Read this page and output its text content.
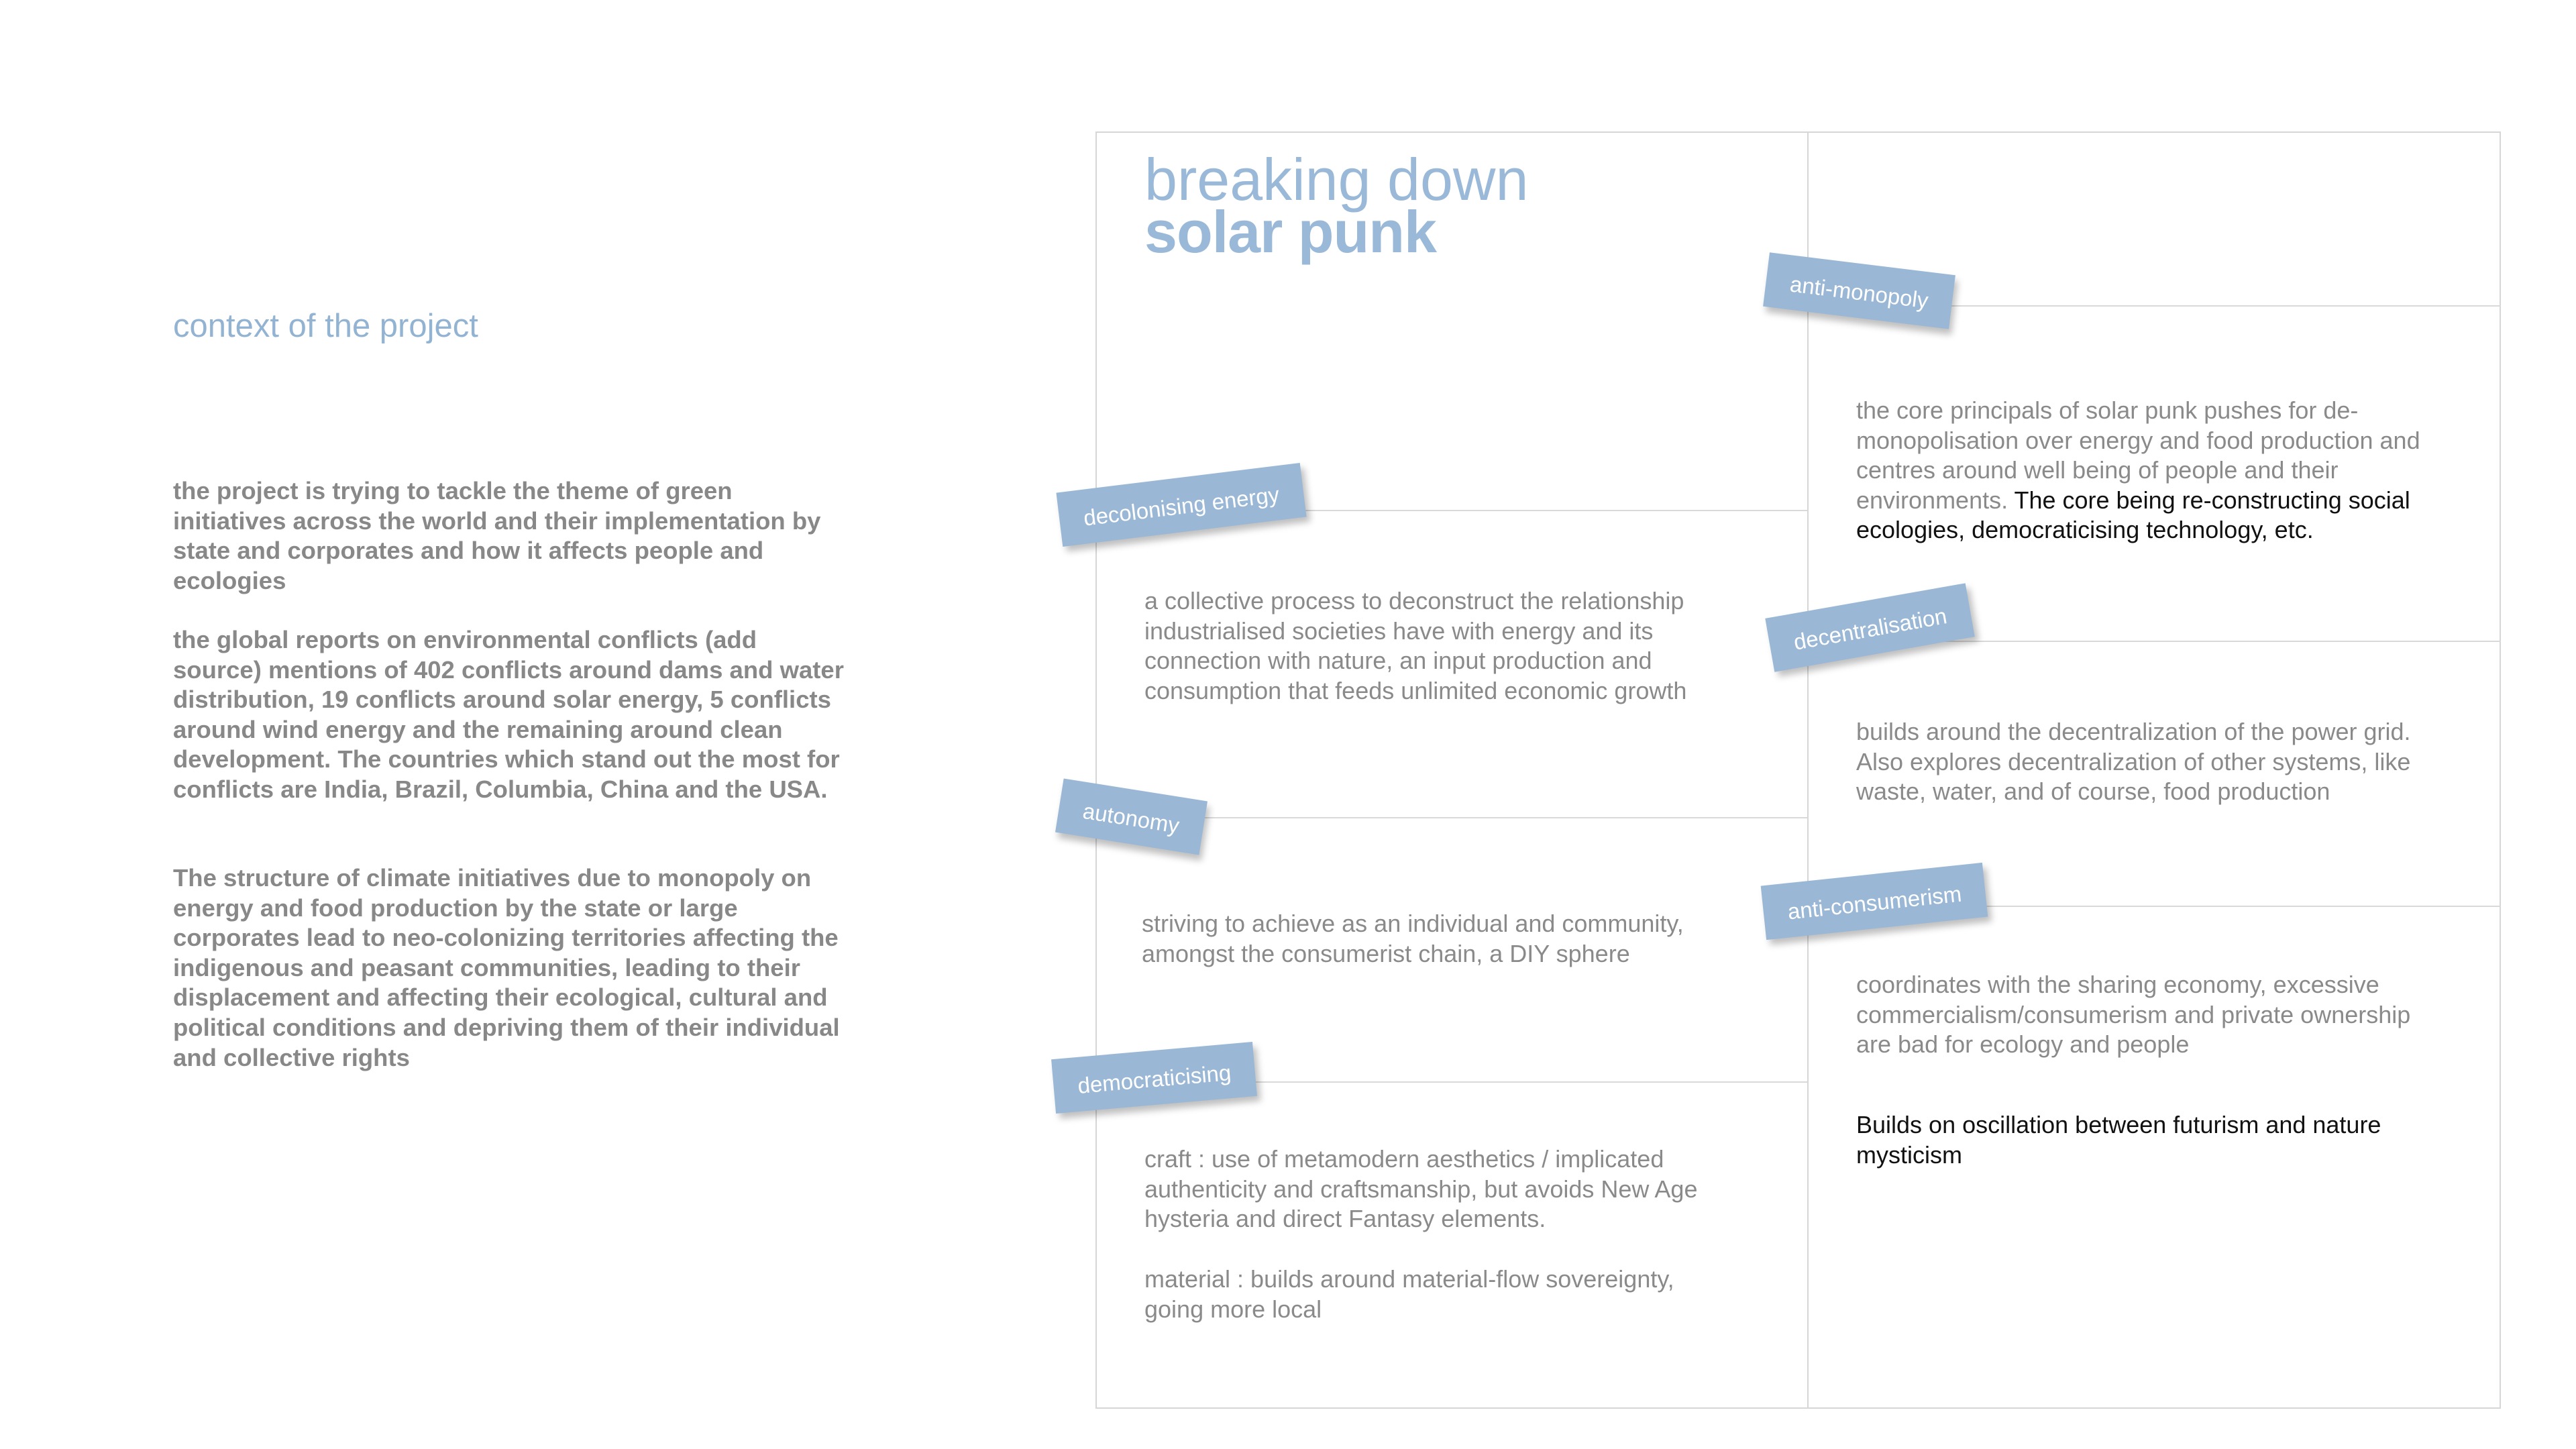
context of the project

the project is trying to tackle the theme of green initiatives across the world and their implementation by state and corporates and how it affects people and ecologies

the global reports on environmental conflicts (add source) mentions of 402 conflicts around dams and water distribution, 19 conflicts around solar energy, 5 conflicts around wind energy and the remaining around clean development. The countries which stand out the most for conflicts are India, Brazil, Columbia, China and the USA.

The structure of climate initiatives due to monopoly on energy and food production by the state or large corporates lead to neo-colonizing territories affecting the indigenous and peasant communities, leading to their displacement and affecting their ecological, cultural and political conditions and depriving them of their individual and collective rights

breaking down
solar punk
anti-monopoly
decolonising energy
decentralisation
autonomy
anti-consumerism
democraticising

the core principals of solar punk pushes for de-monopolisation over energy and food production and centres around well being of people and their environments. The core being re-constructing social ecologies, democraticising technology, etc.

a collective process to deconstruct the relationship industrialised societies have with energy and its connection with nature, an input production and consumption that feeds unlimited economic growth

builds around the decentralization of the power grid. Also explores decentralization of other systems, like waste, water, and of course, food production

striving to achieve as an individual and community, amongst the consumerist chain, a DIY sphere

coordinates with the sharing economy, excessive commercialism/consumerism and private ownership are bad for ecology and people

Builds on oscillation between futurism and nature mysticism

craft : use of metamodern aesthetics / implicated authenticity and craftsmanship, but avoids New Age hysteria and direct Fantasy elements.

material : builds around material-flow sovereignty, going more local
